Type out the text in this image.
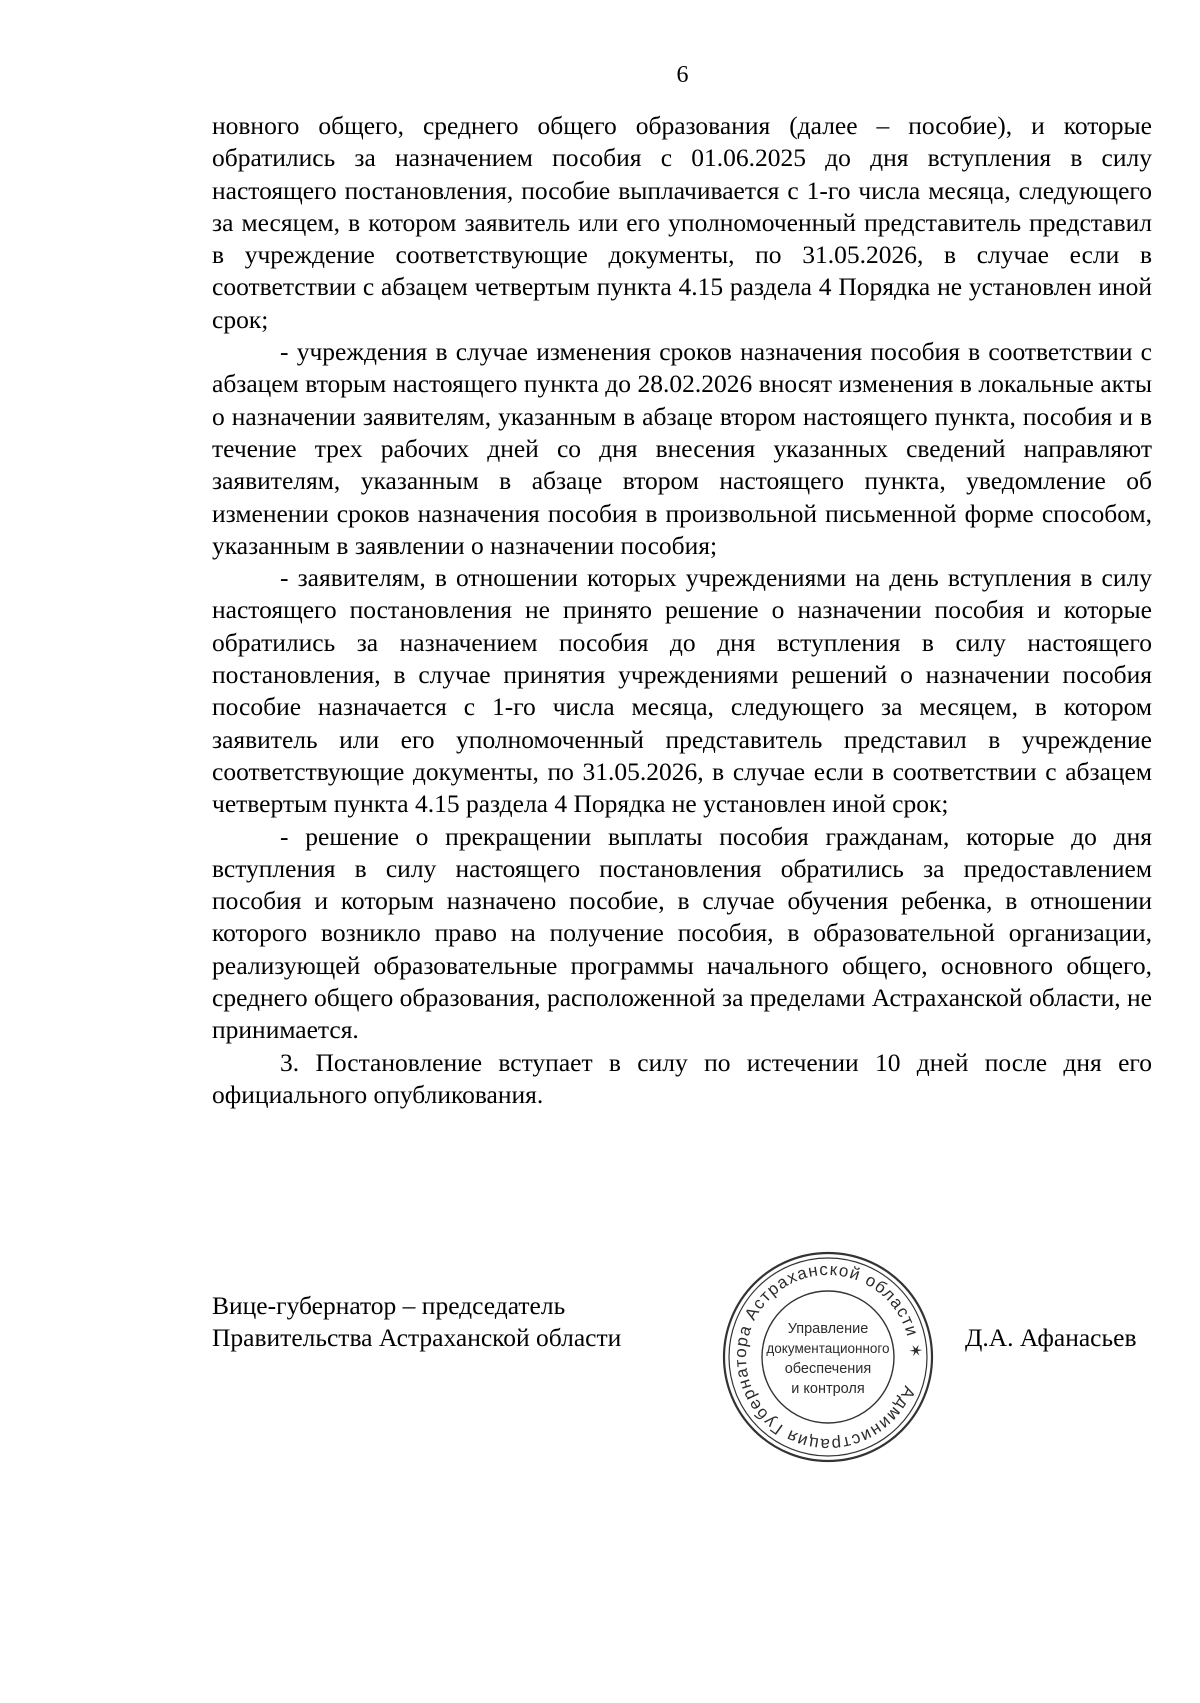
6

новного общего, среднего общего образования (далее – пособие), и которые обратились за назначением пособия с 01.06.2025 до дня вступления в силу настоящего постановления, пособие выплачивается с 1-го числа месяца, следующего за месяцем, в котором заявитель или его уполномоченный представитель представил в учреждение соответствующие документы, по 31.05.2026, в случае если в соответствии с абзацем четвертым пункта 4.15 раздела 4 Порядка не установлен иной срок;

- учреждения в случае изменения сроков назначения пособия в соответствии с абзацем вторым настоящего пункта до 28.02.2026 вносят изменения в локальные акты о назначении заявителям, указанным в абзаце втором настоящего пункта, пособия и в течение трех рабочих дней со дня внесения указанных сведений направляют заявителям, указанным в абзаце втором настоящего пункта, уведомление об изменении сроков назначения пособия в произвольной письменной форме способом, указанным в заявлении о назначении пособия;

- заявителям, в отношении которых учреждениями на день вступления в силу настоящего постановления не принято решение о назначении пособия и которые обратились за назначением пособия до дня вступления в силу настоящего постановления, в случае принятия учреждениями решений о назначении пособия пособие назначается с 1-го числа месяца, следующего за месяцем, в котором заявитель или его уполномоченный представитель представил в учреждение соответствующие документы, по 31.05.2026, в случае если в соответствии с абзацем четвертым пункта 4.15 раздела 4 Порядка не установлен иной срок;

- решение о прекращении выплаты пособия гражданам, которые до дня вступления в силу настоящего постановления обратились за предоставлением пособия и которым назначено пособие, в случае обучения ребенка, в отношении которого возникло право на получение пособия, в образовательной организации, реализующей образовательные программы начального общего, основного общего, среднего общего образования, расположенной за пределами Астраханской области, не принимается.

3. Постановление вступает в силу по истечении 10 дней после дня его официального опубликования.

Вице-губернатор – председатель
Правительства Астраханской области
Администрация Губернатора Астраханской области ✶
Управление
документационного
обеспечения
и контроля
Д.А. Афанасьев
